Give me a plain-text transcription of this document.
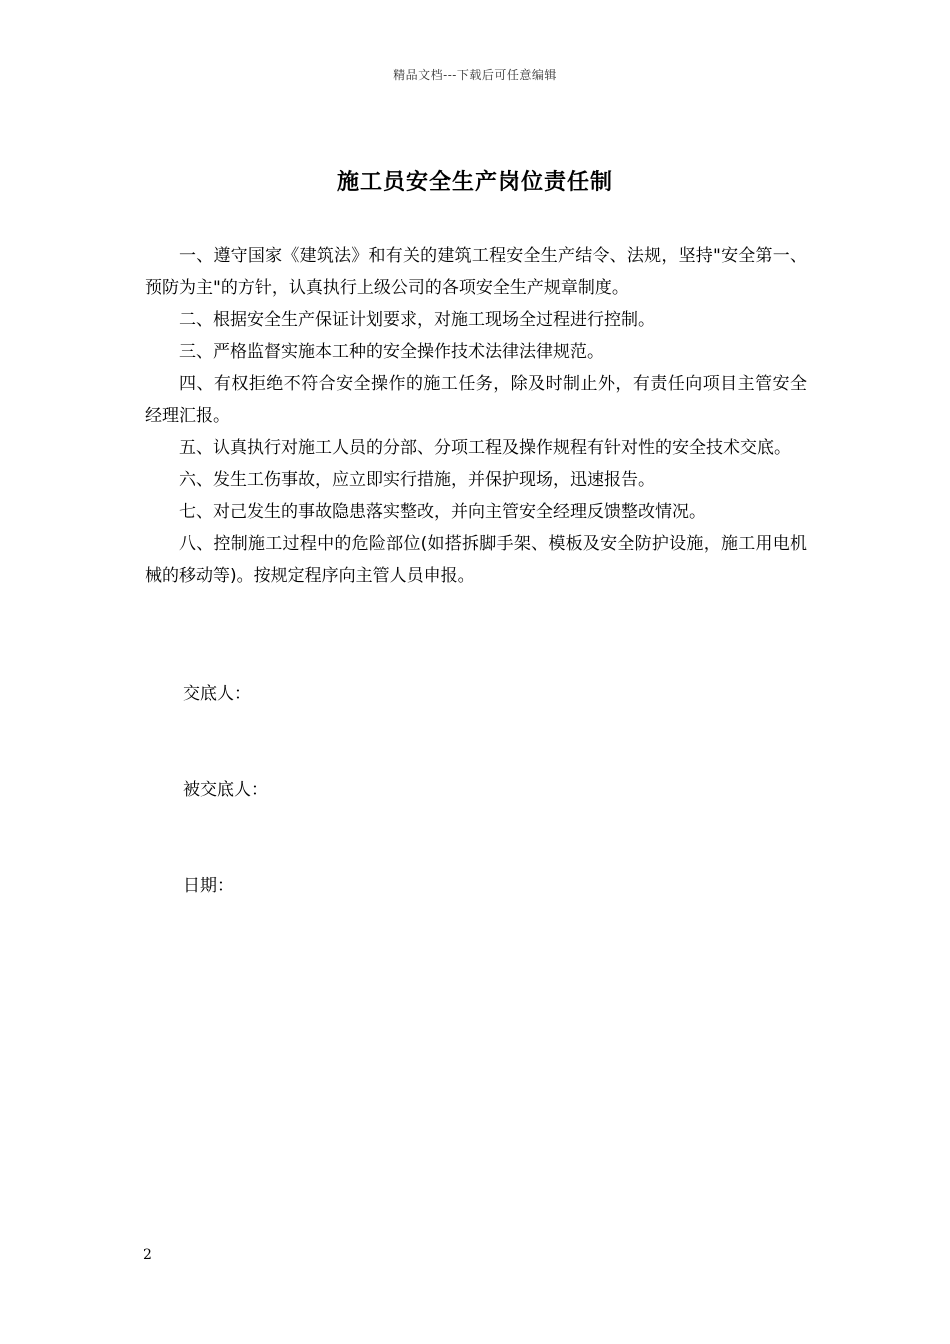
精品文档---下载后可任意编辑
施工员安全生产岗位责任制

一、遵守国家《建筑法》和有关的建筑工程安全生产结令、法规，坚持"安全第一、预防为主"的方针，认真执行上级公司的各项安全生产规章制度。

二、根据安全生产保证计划要求，对施工现场全过程进行控制。

三、严格监督实施本工种的安全操作技术法律法律规范。

四、有权拒绝不符合安全操作的施工任务，除及时制止外，有责任向项目主管安全经理汇报。

五、认真执行对施工人员的分部、分项工程及操作规程有针对性的安全技术交底。

六、发生工伤事故，应立即实行措施，并保护现场，迅速报告。

七、对己发生的事故隐患落实整改，并向主管安全经理反馈整改情况。

八、控制施工过程中的危险部位(如搭拆脚手架、模板及安全防护设施，施工用电机械的移动等)。按规定程序向主管人员申报。

交底人：
被交底人：
日期：
2
